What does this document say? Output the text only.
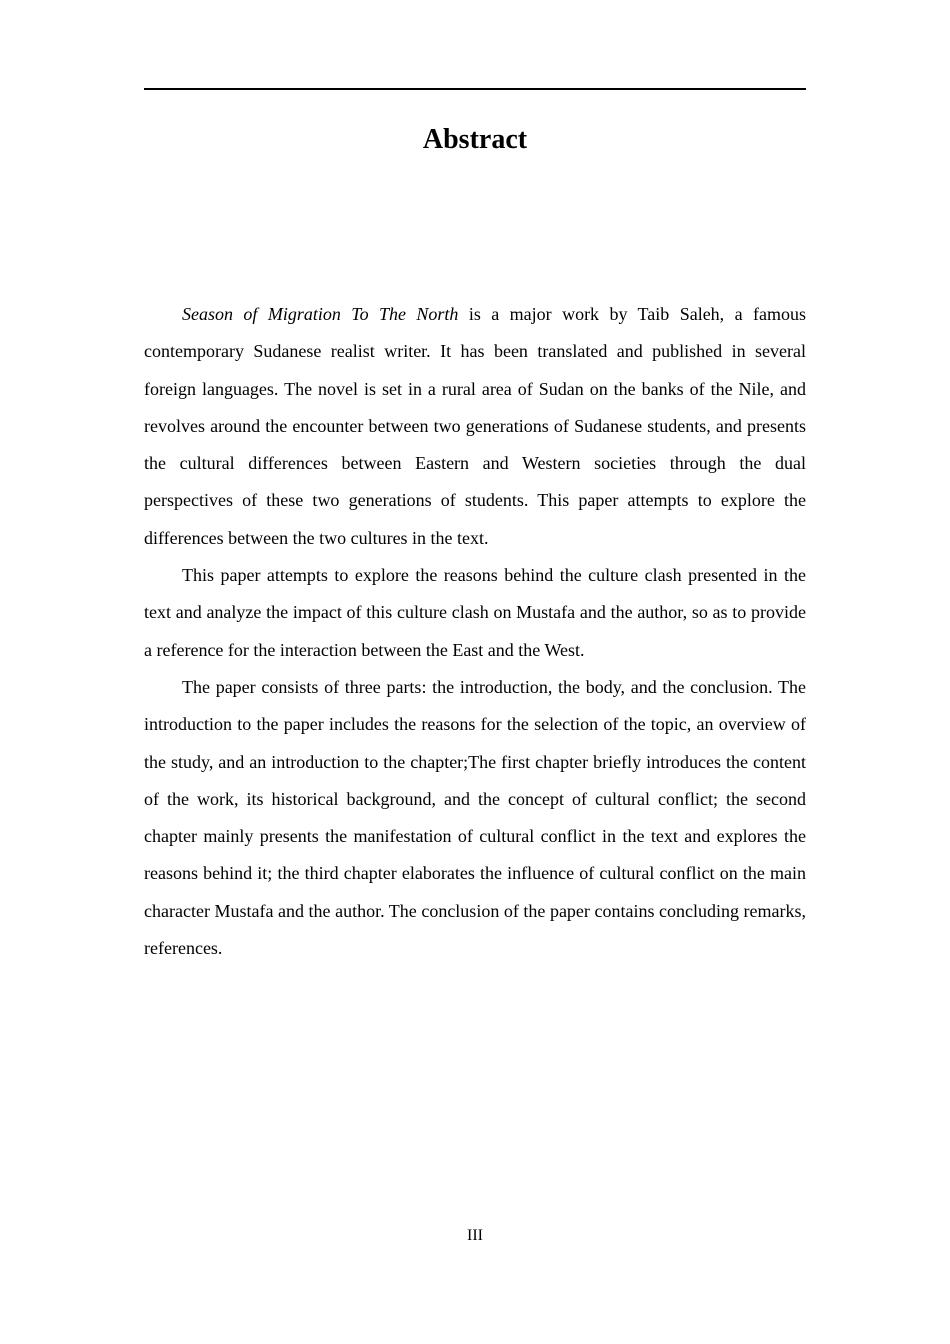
Abstract

Season of Migration To The North is a major work by Taib Saleh, a famous contemporary Sudanese realist writer. It has been translated and published in several foreign languages. The novel is set in a rural area of Sudan on the banks of the Nile, and revolves around the encounter between two generations of Sudanese students, and presents the cultural differences between Eastern and Western societies through the dual perspectives of these two generations of students. This paper attempts to explore the differences between the two cultures in the text.

This paper attempts to explore the reasons behind the culture clash presented in the text and analyze the impact of this culture clash on Mustafa and the author, so as to provide a reference for the interaction between the East and the West.

The paper consists of three parts: the introduction, the body, and the conclusion. The introduction to the paper includes the reasons for the selection of the topic, an overview of the study, and an introduction to the chapter;The first chapter briefly introduces the content of the work, its historical background, and the concept of cultural conflict; the second chapter mainly presents the manifestation of cultural conflict in the text and explores the reasons behind it; the third chapter elaborates the influence of cultural conflict on the main character Mustafa and the author. The conclusion of the paper contains concluding remarks, references.

III
